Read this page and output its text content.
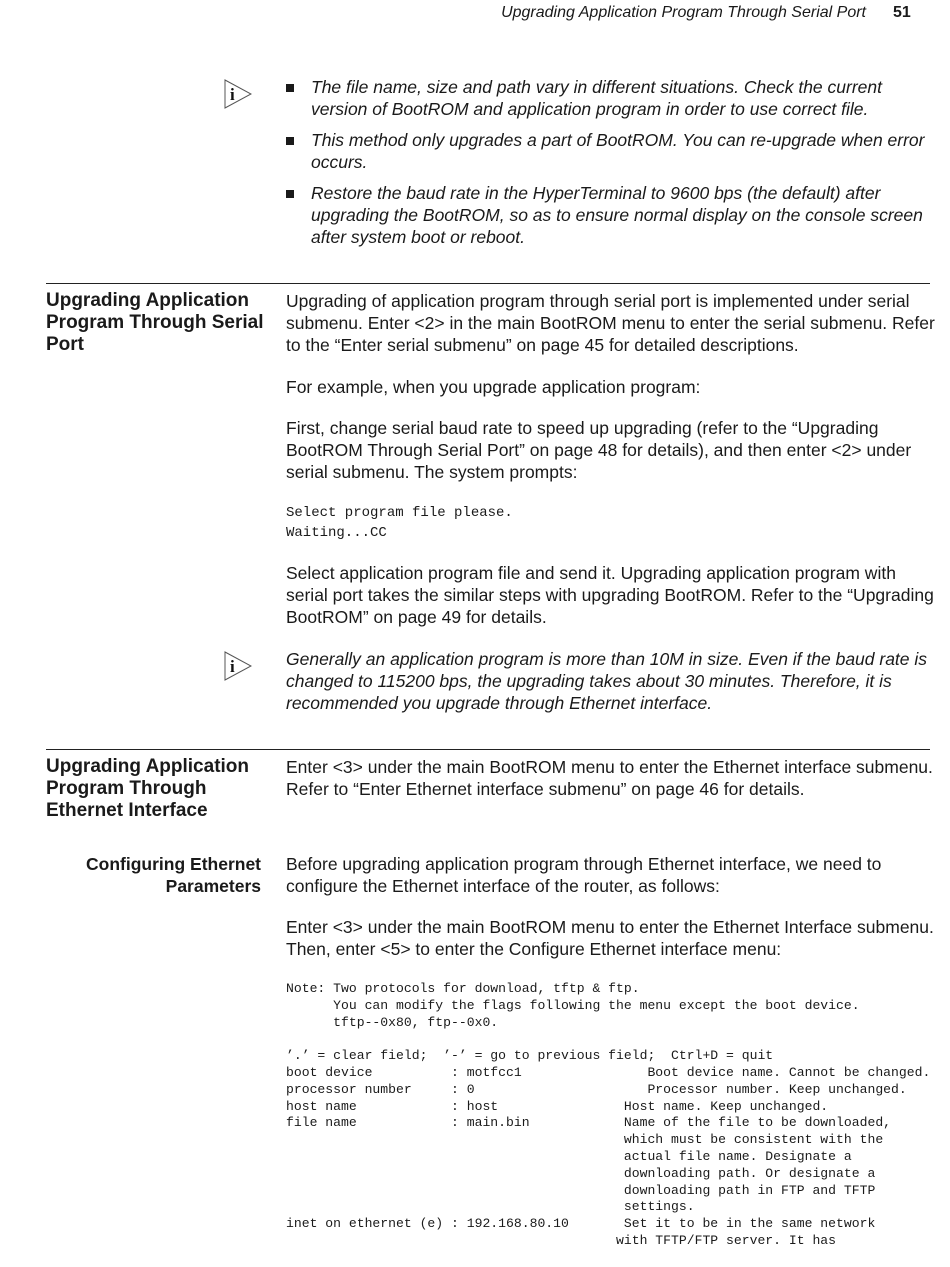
Upgrading Application Program Through Serial Port 51
i	The file name, size and path vary in different situations. Check the current version of BootROM and application program in order to use correct file.
This method only upgrades a part of BootROM. You can re-upgrade when error occurs.
Restore the baud rate in the HyperTerminal to 9600 bps (the default) after upgrading the BootROM, so as to ensure normal display on the console screen after system boot or reboot.
Upgrading Application Program Through Serial Port
Upgrading of application program through serial port is implemented under serial submenu. Enter <2> in the main BootROM menu to enter the serial submenu. Refer to the “Enter serial submenu” on page 45 for detailed descriptions.
For example, when you upgrade application program:
First, change serial baud rate to speed up upgrading (refer to the “Upgrading BootROM Through Serial Port” on page 48 for details), and then enter <2> under serial submenu. The system prompts:
Select program file please.
Waiting...CC
Select application program file and send it. Upgrading application program with serial port takes the similar steps with upgrading BootROM. Refer to the “Upgrading BootROM” on page 49 for details.
i	Generally an application program is more than 10M in size. Even if the baud rate is changed to 115200 bps, the upgrading takes about 30 minutes. Therefore, it is recommended you upgrade through Ethernet interface.
Upgrading Application Program Through Ethernet Interface
Enter <3> under the main BootROM menu to enter the Ethernet interface submenu. Refer to “Enter Ethernet interface submenu” on page 46 for details.
Configuring Ethernet Parameters
Before upgrading application program through Ethernet interface, we need to configure the Ethernet interface of the router, as follows:
Enter <3> under the main BootROM menu to enter the Ethernet Interface submenu. Then, enter <5> to enter the Configure Ethernet interface menu:
Note: Two protocols for download, tftp & ftp.
You can modify the flags following the menu except the boot device.
tftp--0x80, ftp--0x0.

’.’ = clear field;  ’-’ = go to previous field;  Ctrl+D = quit
boot device          : motfcc1                Boot device name. Cannot be changed.
processor number     : 0                      Processor number. Keep unchanged.
host name            : host                Host name. Keep unchanged.
file name            : main.bin            Name of the file to be downloaded,
which must be consistent with the
actual file name. Designate a
downloading path. Or designate a
downloading path in FTP and TFTP
settings.
inet on ethernet (e) : 192.168.80.10       Set it to be in the same network
with TFTP/FTP server. It has
